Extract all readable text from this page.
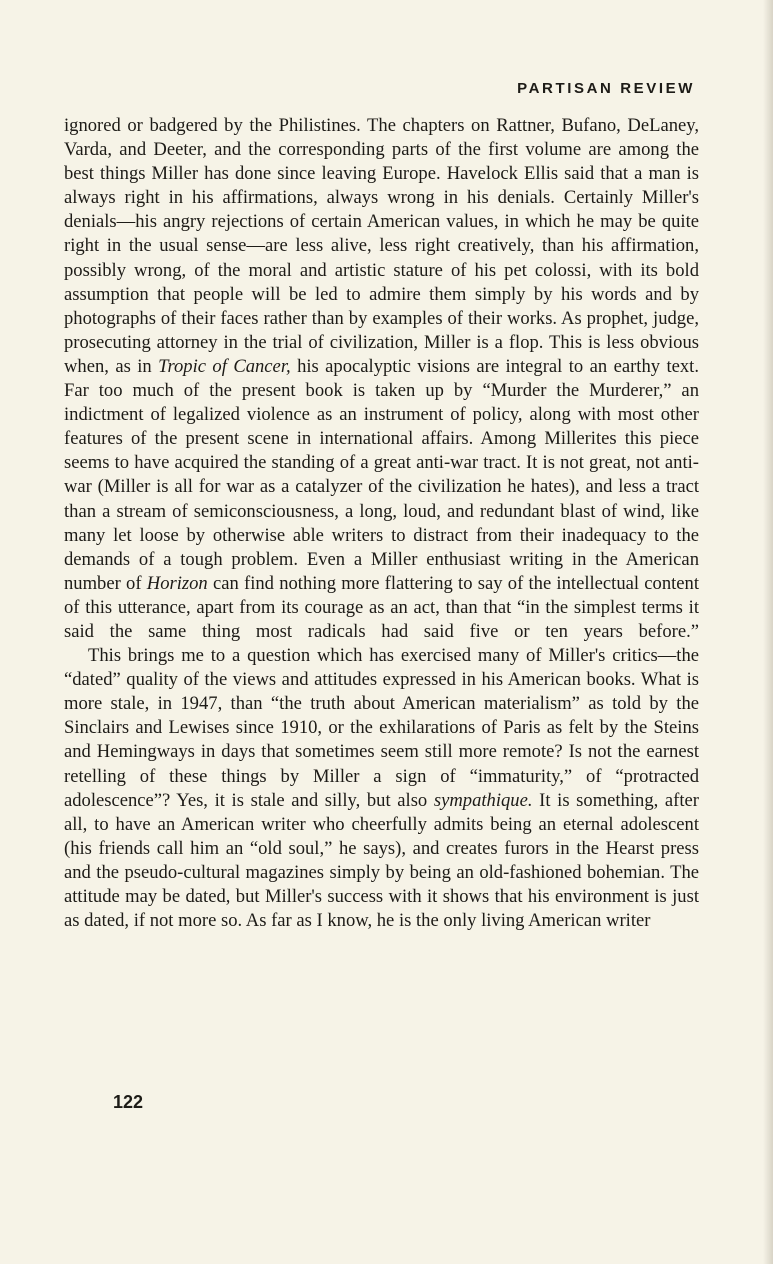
PARTISAN REVIEW

ignored or badgered by the Philistines. The chapters on Rattner, Bufano, DeLaney, Varda, and Deeter, and the corresponding parts of the first volume are among the best things Miller has done since leaving Europe. Havelock Ellis said that a man is always right in his affirmations, always wrong in his denials. Certainly Miller's denials—his angry rejections of certain American values, in which he may be quite right in the usual sense—are less alive, less right creatively, than his affirmation, possibly wrong, of the moral and artistic stature of his pet colossi, with its bold assumption that people will be led to admire them simply by his words and by photographs of their faces rather than by examples of their works. As prophet, judge, prosecuting attorney in the trial of civilization, Miller is a flop. This is less obvious when, as in Tropic of Cancer, his apocalyptic visions are integral to an earthy text. Far too much of the present book is taken up by “Murder the Murderer,” an indictment of legalized violence as an instrument of policy, along with most other features of the present scene in international affairs. Among Millerites this piece seems to have acquired the standing of a great anti-war tract. It is not great, not anti-war (Miller is all for war as a catalyzer of the civilization he hates), and less a tract than a stream of semiconsciousness, a long, loud, and redundant blast of wind, like many let loose by otherwise able writers to distract from their inadequacy to the demands of a tough problem. Even a Miller enthusiast writing in the American number of Horizon can find nothing more flattering to say of the intellectual content of this utterance, apart from its courage as an act, than that “in the simplest terms it said the same thing most radicals had said five or ten years before.”

This brings me to a question which has exercised many of Miller's critics—the “dated” quality of the views and attitudes expressed in his American books. What is more stale, in 1947, than “the truth about American materialism” as told by the Sinclairs and Lewises since 1910, or the exhilarations of Paris as felt by the Steins and Hemingways in days that sometimes seem still more remote? Is not the earnest retelling of these things by Miller a sign of “immaturity,” of “protracted adolescence”? Yes, it is stale and silly, but also sympathique. It is something, after all, to have an American writer who cheerfully admits being an eternal adolescent (his friends call him an “old soul,” he says), and creates furors in the Hearst press and the pseudo-cultural magazines simply by being an old-fashioned bohemian. The attitude may be dated, but Miller's success with it shows that his environment is just as dated, if not more so. As far as I know, he is the only living American writer

122
